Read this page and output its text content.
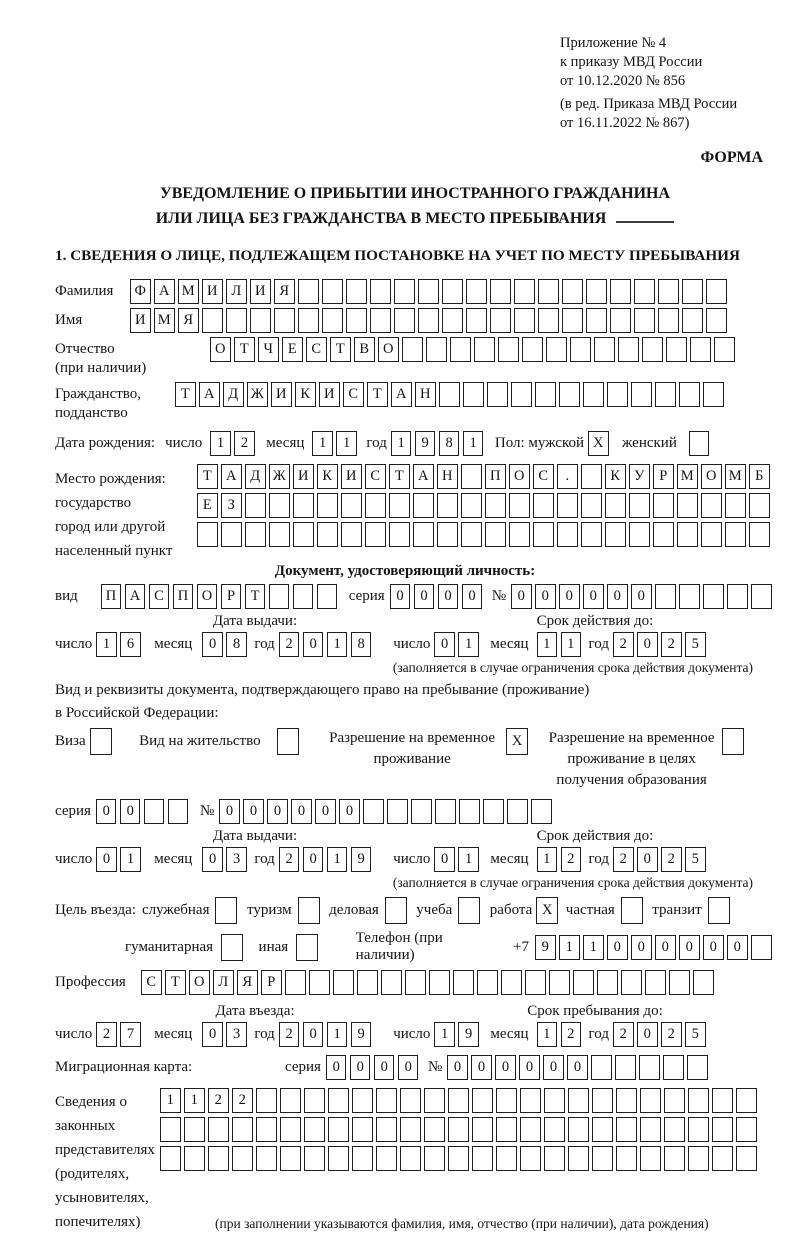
Приложение № 4
к приказу МВД России
от 10.12.2020 № 856
(в ред. Приказа МВД России
от 16.11.2022 № 867)
ФОРМА
УВЕДОМЛЕНИЕ О ПРИБЫТИИ ИНОСТРАННОГО ГРАЖДАНИНА
ИЛИ ЛИЦА БЕЗ ГРАЖДАНСТВА В МЕСТО ПРЕБЫВАНИЯ
1. СВЕДЕНИЯ О ЛИЦЕ, ПОДЛЕЖАЩЕМ ПОСТАНОВКЕ НА УЧЕТ ПО МЕСТУ ПРЕБЫВАНИЯ
Фамилия	Ф А М И Л И Я
Имя	И М Я
Отчество
(при наличии)
О Т	Ч	Е	С	Т	В О
Гражданство,
подданство
Т А Д Ж И К И С	Т А Н
Дата рождения: число	1	2	месяц	1	1	год 1	9	8	1	Пол: мужской X	женский
Место рождения:
государство
город или другой
населенный пункт
Т А Д Ж И К И С	Т А Н	П О С	.	К У	Р М О М Б
Е	З
Документ, удостоверяющий личность:
вид	П А С П О	Р	Т	серия 0	0	0	0	№ 0	0	0	0	0	0
Дата выдачи:	Срок действия до:
число 1	6	месяц	0	8 год 2	0	1	8	число 0	1	месяц	1	1 год 2	0	2	5
(заполняется в случае ограничения срока действия документа)
Вид и реквизиты документа, подтверждающего право на пребывание (проживание)
в Российской Федерации:
Виза	Вид на жительство	Разрешение на временное
проживание
X	Разрешение на временное
проживание в целях
получения образования
серия 0	0	№ 0	0	0	0	0	0
Дата выдачи:	Срок действия до:
число 0	1	месяц	0	3 год 2	0	1	9	число 0	1	месяц	1	2 год 2	0	2	5
(заполняется в случае ограничения срока действия документа)
Цель въезда: служебная	туризм	деловая	учеба	работа X частная	транзит
гуманитарная	иная
Телефон (при наличии)
+7 9	1	1	0	0	0	0	0	0
Профессия	С	Т О Л Я	Р
Дата въезда:	Срок пребывания до:
число 2	7	месяц	0	3 год 2	0	1	9	число 1	9	месяц	1	2 год 2	0	2	5
Миграционная карта:	серия 0	0	0	0	№ 0	0	0	0	0	0
Сведения о
законных
представителях
(родителях,
усыновителях,
попечителях)
1	1	2	2
(при заполнении указываются фамилия, имя, отчество (при наличии), дата рождения)
